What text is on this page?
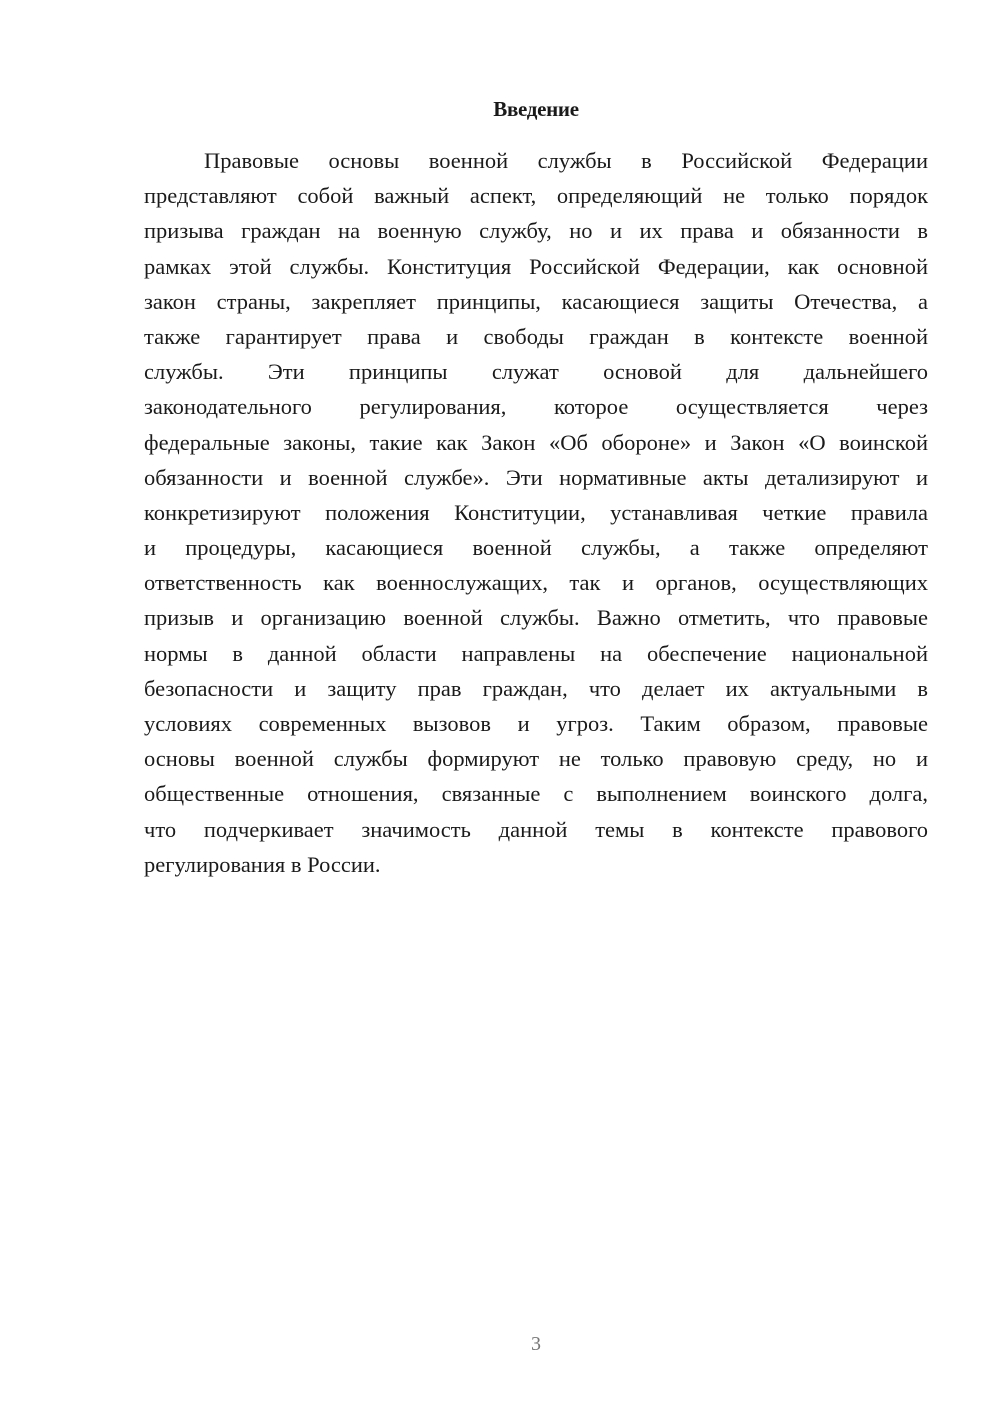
Введение
Правовые основы военной службы в Российской Федерации
представляют собой важный аспект, определяющий не только порядок
призыва граждан на военную службу, но и их права и обязанности в
рамках этой службы. Конституция Российской Федерации, как основной
закон страны, закрепляет принципы, касающиеся защиты Отечества, а
также гарантирует права и свободы граждан в контексте военной
службы. Эти принципы служат основой для дальнейшего
законодательного регулирования, которое осуществляется через
федеральные законы, такие как Закон «Об обороне» и Закон «О воинской
обязанности и военной службе». Эти нормативные акты детализируют и
конкретизируют положения Конституции, устанавливая четкие правила
и процедуры, касающиеся военной службы, а также определяют
ответственность как военнослужащих, так и органов, осуществляющих
призыв и организацию военной службы. Важно отметить, что правовые
нормы в данной области направлены на обеспечение национальной
безопасности и защиту прав граждан, что делает их актуальными в
условиях современных вызовов и угроз. Таким образом, правовые
основы военной службы формируют не только правовую среду, но и
общественные отношения, связанные с выполнением воинского долга,
что подчеркивает значимость данной темы в контексте правового
регулирования в России.
3
